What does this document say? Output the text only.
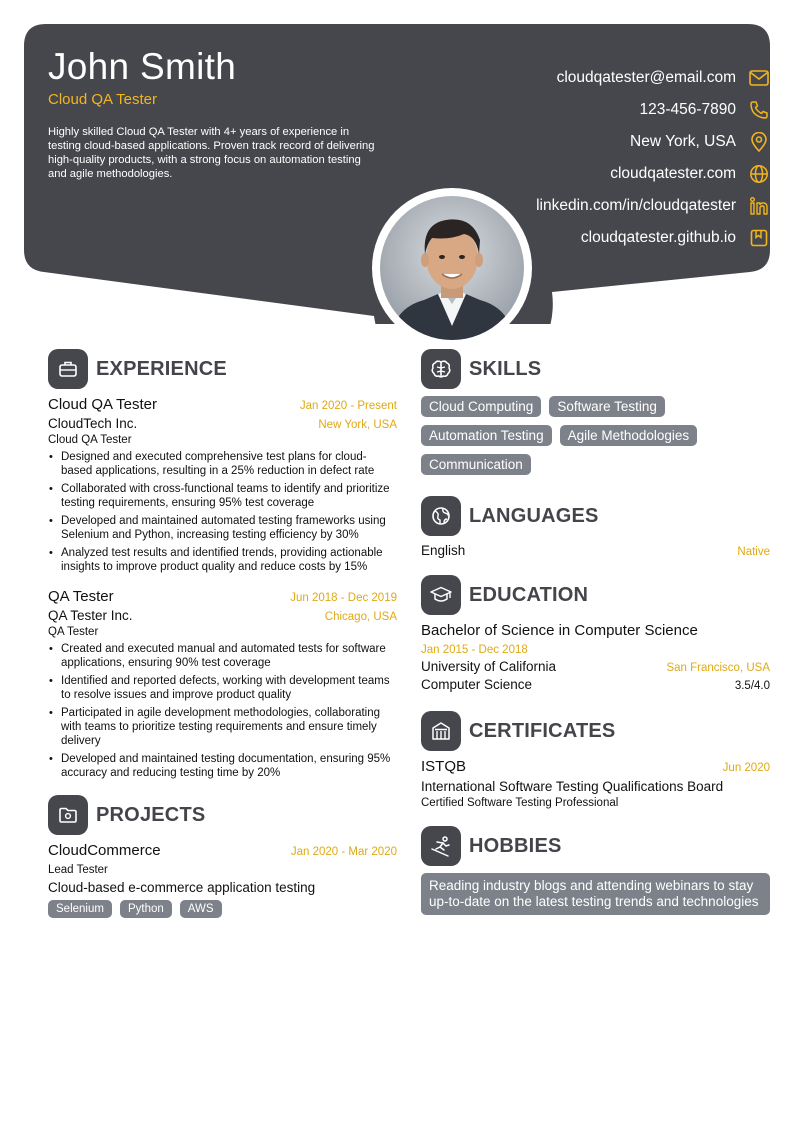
John Smith
Cloud QA Tester

Highly skilled Cloud QA Tester with 4+ years of experience in testing cloud-based applications. Proven track record of delivering high-quality products, with a strong focus on automation testing and agile methodologies.

cloudqatester@email.com
123-456-7890
New York, USA
cloudqatester.com
linkedin.com/in/cloudqatester
cloudqatester.github.io
EXPERIENCE
Cloud QA Tester	Jan 2020 - Present
CloudTech Inc.	New York, USA
Cloud QA Tester
• Designed and executed comprehensive test plans for cloud-based applications, resulting in a 25% reduction in defect rate
• Collaborated with cross-functional teams to identify and prioritize testing requirements, ensuring 95% test coverage
• Developed and maintained automated testing frameworks using Selenium and Python, increasing testing efficiency by 30%
• Analyzed test results and identified trends, providing actionable insights to improve product quality and reduce costs by 15%
QA Tester	Jun 2018 - Dec 2019
QA Tester Inc.	Chicago, USA
QA Tester
• Created and executed manual and automated tests for software applications, ensuring 90% test coverage
• Identified and reported defects, working with development teams to resolve issues and improve product quality
• Participated in agile development methodologies, collaborating with teams to prioritize testing requirements and ensure timely delivery
• Developed and maintained testing documentation, ensuring 95% accuracy and reducing testing time by 20%
PROJECTS
CloudCommerce	Jan 2020 - Mar 2020
Lead Tester
Cloud-based e-commerce application testing
Selenium	Python	AWS
SKILLS
Cloud Computing	Software Testing
Automation Testing	Agile Methodologies
Communication
LANGUAGES
English	Native
EDUCATION
Bachelor of Science in Computer Science
Jan 2015 - Dec 2018
University of California	San Francisco, USA
Computer Science	3.5/4.0
CERTIFICATES
ISTQB	Jun 2020
International Software Testing Qualifications Board
Certified Software Testing Professional
HOBBIES
Reading industry blogs and attending webinars to stay up-to-date on the latest testing trends and technologies
